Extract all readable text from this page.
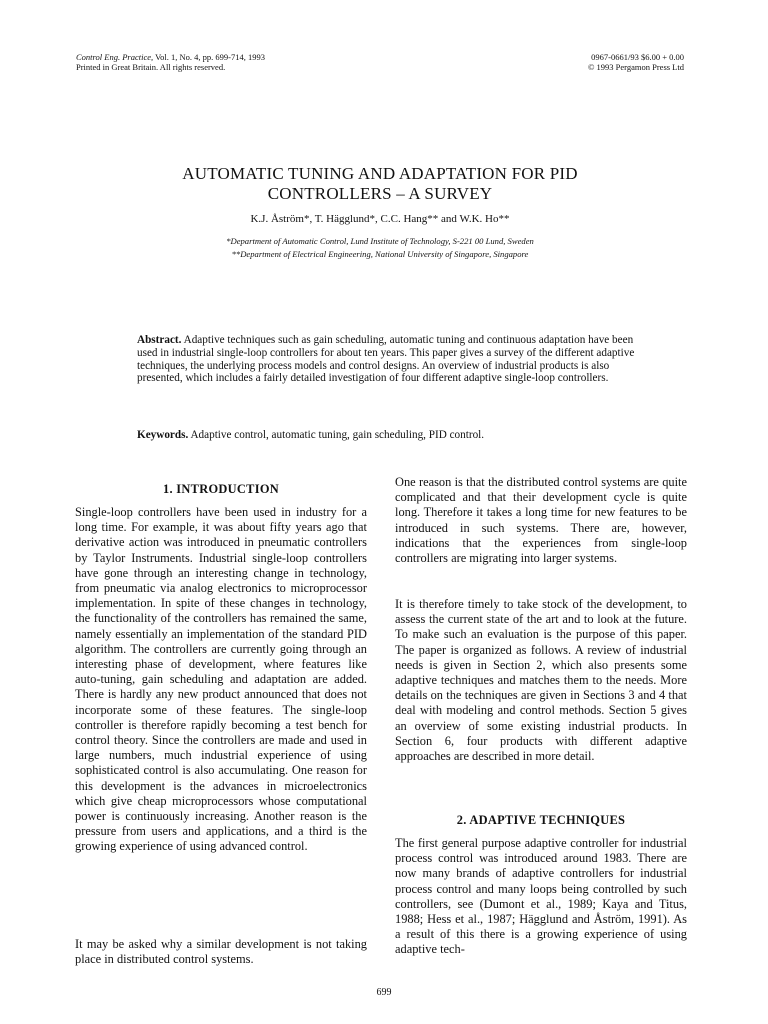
Control Eng. Practice, Vol. 1, No. 4, pp. 699-714, 1993
Printed in Great Britain. All rights reserved.
0967-0661/93 $6.00 + 0.00
© 1993 Pergamon Press Ltd
AUTOMATIC TUNING AND ADAPTATION FOR PID
CONTROLLERS – A SURVEY
K.J. Åström*, T. Hägglund*, C.C. Hang** and W.K. Ho**
*Department of Automatic Control, Lund Institute of Technology, S-221 00 Lund, Sweden
**Department of Electrical Engineering, National University of Singapore, Singapore
Abstract. Adaptive techniques such as gain scheduling, automatic tuning and continuous adaptation have been used in industrial single-loop controllers for about ten years. This paper gives a survey of the different adaptive techniques, the underlying process models and control designs. An overview of industrial products is also presented, which includes a fairly detailed investigation of four different adaptive single-loop controllers.
Keywords. Adaptive control, automatic tuning, gain scheduling, PID control.
1. INTRODUCTION
Single-loop controllers have been used in industry for a long time. For example, it was about fifty years ago that derivative action was introduced in pneumatic controllers by Taylor Instruments. Industrial single-loop controllers have gone through an interesting change in technology, from pneumatic via analog electronics to microprocessor implementation. In spite of these changes in technology, the functionality of the controllers has remained the same, namely essentially an implementation of the standard PID algorithm. The controllers are currently going through an interesting phase of development, where features like auto-tuning, gain scheduling and adaptation are added. There is hardly any new product announced that does not incorporate some of these features. The single-loop controller is therefore rapidly becoming a test bench for control theory. Since the controllers are made and used in large numbers, much industrial experience of using sophisticated control is also accumulating. One reason for this development is the advances in microelectronics which give cheap microprocessors whose computational power is continuously increasing. Another reason is the pressure from users and applications, and a third is the growing experience of using advanced control.
It may be asked why a similar development is not taking place in distributed control systems.
One reason is that the distributed control systems are quite complicated and that their development cycle is quite long. Therefore it takes a long time for new features to be introduced in such systems. There are, however, indications that the experiences from single-loop controllers are migrating into larger systems.
It is therefore timely to take stock of the development, to assess the current state of the art and to look at the future. To make such an evaluation is the purpose of this paper. The paper is organized as follows. A review of industrial needs is given in Section 2, which also presents some adaptive techniques and matches them to the needs. More details on the techniques are given in Sections 3 and 4 that deal with modeling and control methods. Section 5 gives an overview of some existing industrial products. In Section 6, four products with different adaptive approaches are described in more detail.
2. ADAPTIVE TECHNIQUES
The first general purpose adaptive controller for industrial process control was introduced around 1983. There are now many brands of adaptive controllers for industrial process control and many loops being controlled by such controllers, see (Dumont et al., 1989; Kaya and Titus, 1988; Hess et al., 1987; Hägglund and Åström, 1991). As a result of this there is a growing experience of using adaptive tech-
699
